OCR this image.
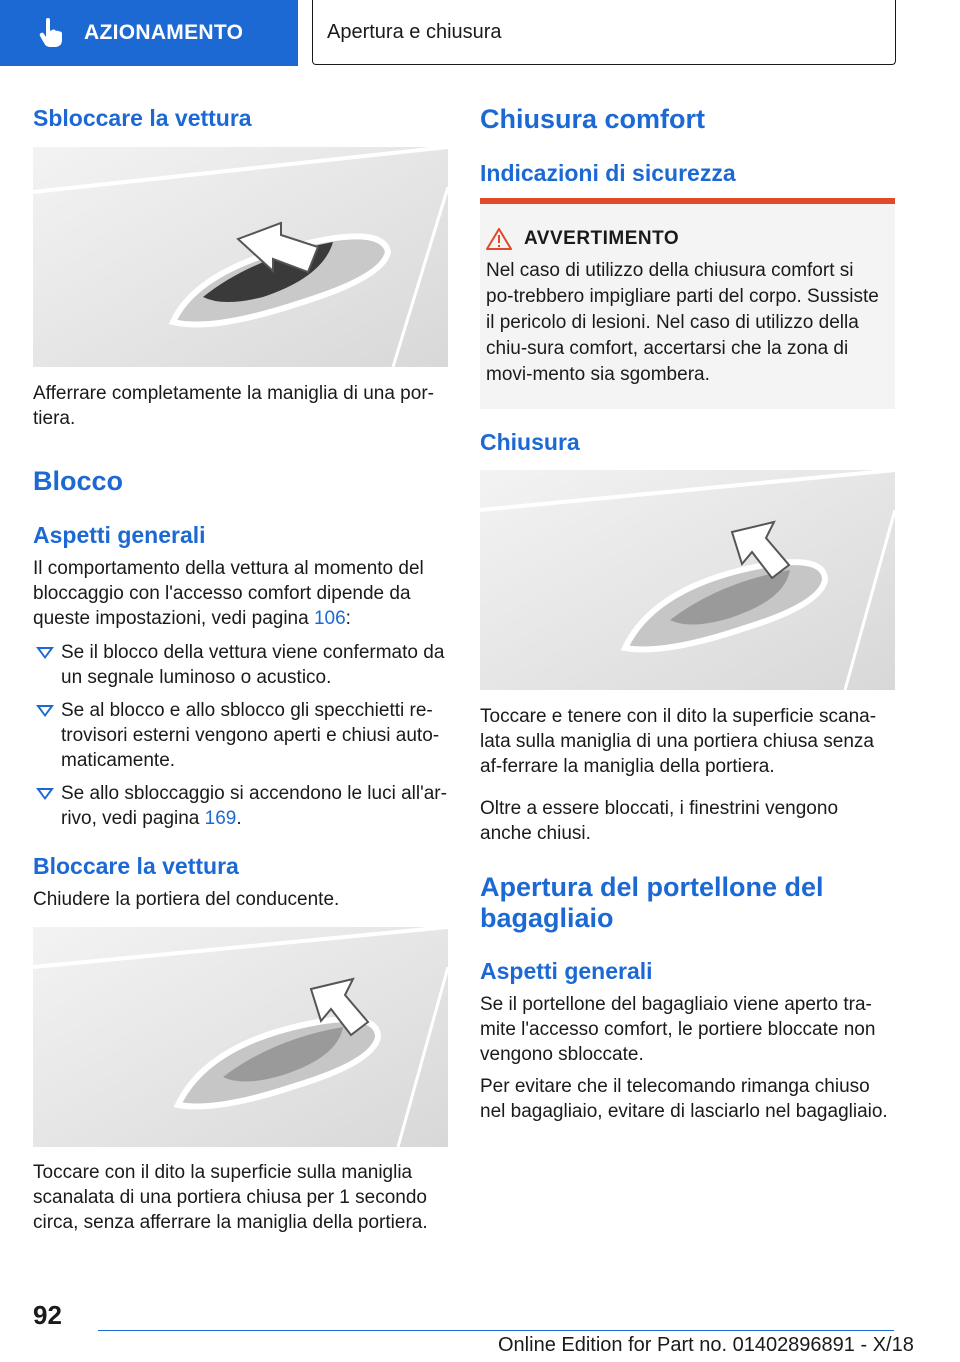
AZIONAMENTO	Apertura e chiusura
Sbloccare la vettura

Afferrare completamente la maniglia di una por-tiera.

Blocco
Aspetti generali

Il comportamento della vettura al momento del bloccaggio con l'accesso comfort dipende da queste impostazioni, vedi pagina 106:

Se il blocco della vettura viene confermato da un segnale luminoso o acustico.
Se al blocco e allo sblocco gli specchietti re-trovisori esterni vengono aperti e chiusi auto-maticamente.
Se allo sbloccaggio si accendono le luci all'ar-rivo, vedi pagina 169.
Bloccare la vettura

Chiudere la portiera del conducente.

Toccare con il dito la superficie sulla maniglia scanalata di una portiera chiusa per 1 secondo circa, senza afferrare la maniglia della portiera.

Chiusura comfort
Indicazioni di sicurezza
AVVERTIMENTO
Nel caso di utilizzo della chiusura comfort si po-trebbero impigliare parti del corpo. Sussiste il pericolo di lesioni. Nel caso di utilizzo della chiu-sura comfort, accertarsi che la zona di movi-mento sia sgombera.
Chiusura

Toccare e tenere con il dito la superficie scana-lata sulla maniglia di una portiera chiusa senza af-ferrare la maniglia della portiera.

Oltre a essere bloccati, i finestrini vengono anche chiusi.

Apertura del portellone del bagagliaio
Aspetti generali

Se il portellone del bagagliaio viene aperto tra-mite l'accesso comfort, le portiere bloccate non vengono sbloccate.

Per evitare che il telecomando rimanga chiuso nel bagagliaio, evitare di lasciarlo nel bagagliaio.

92
Online Edition for Part no. 01402896891 - X/18
